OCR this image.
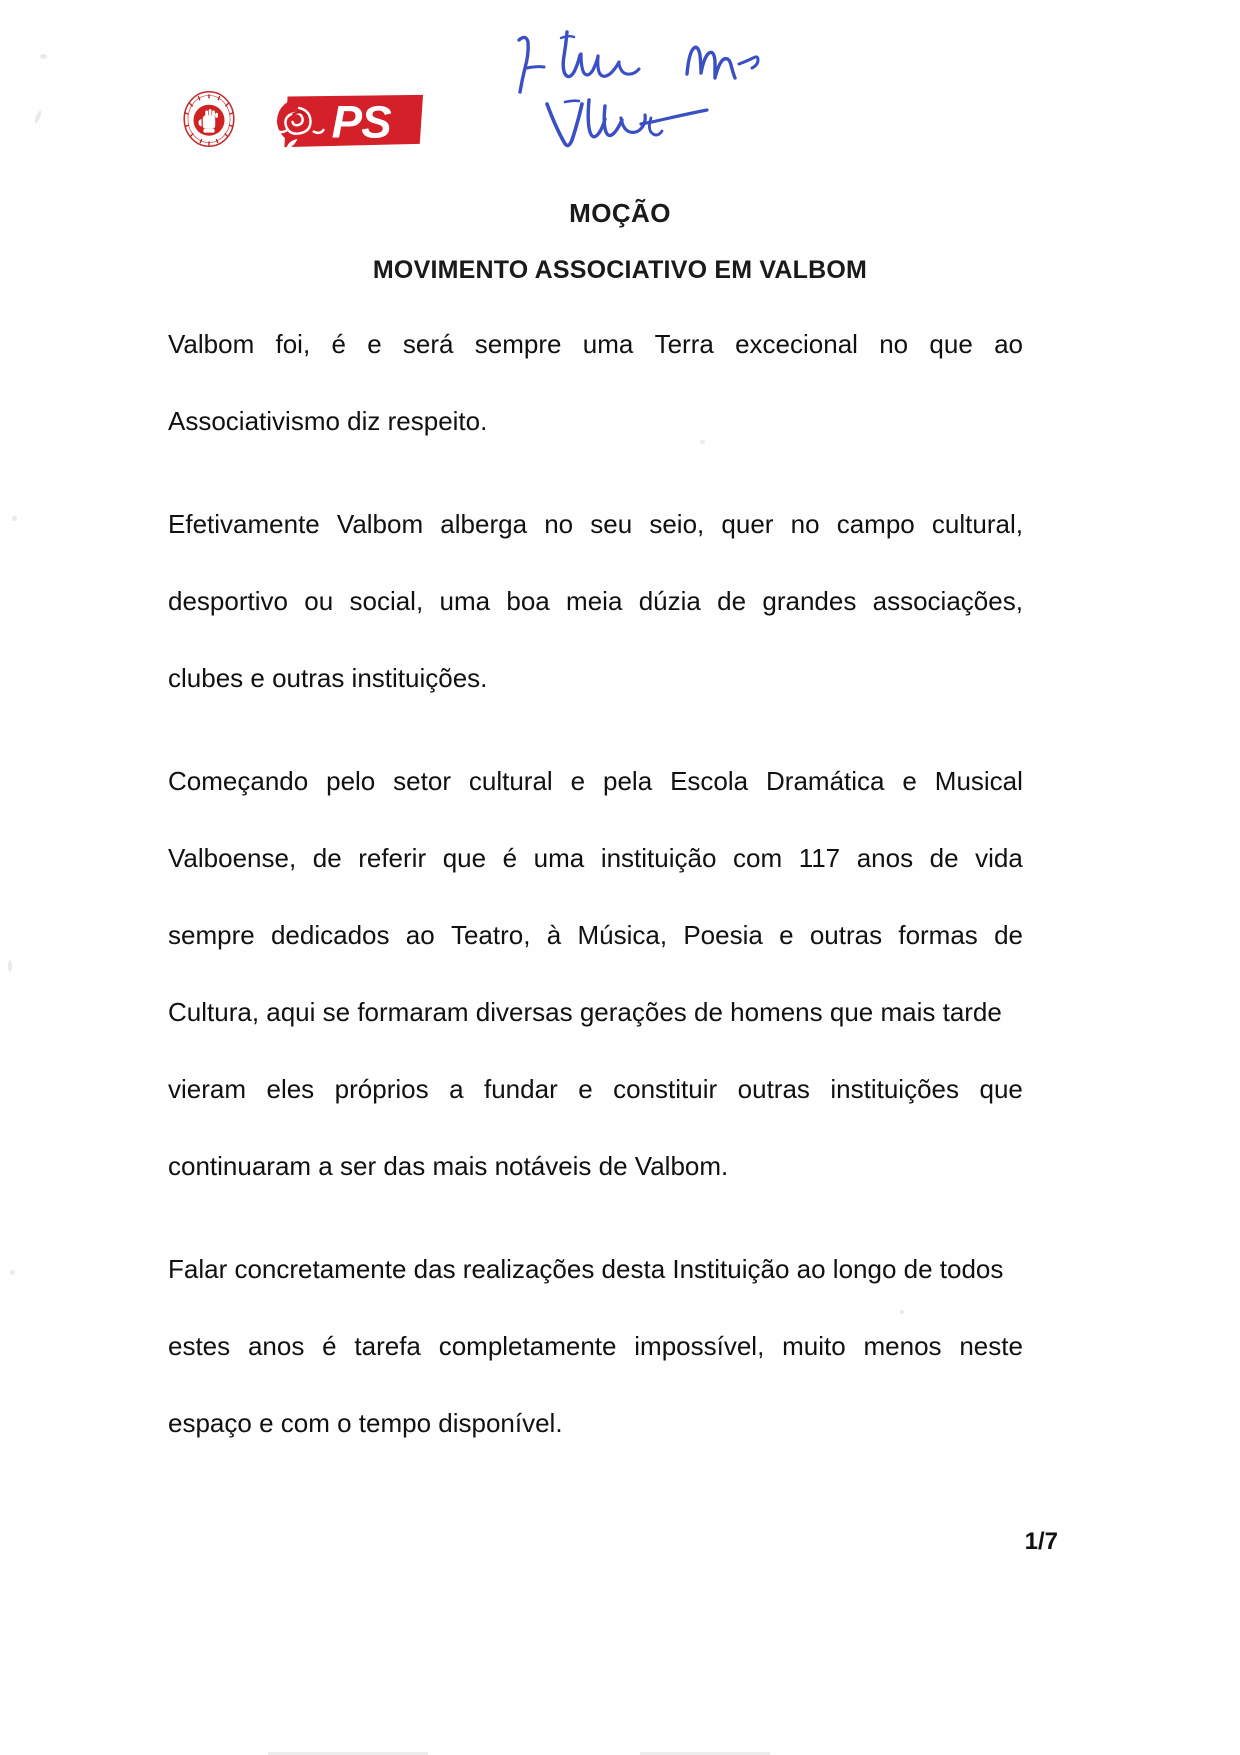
PS
MOÇÃO
MOVIMENTO ASSOCIATIVO EM VALBOM

Valbom foi, é e será sempre uma Terra excecional no que ao
Associativismo diz respeito.

Efetivamente Valbom alberga no seu seio, quer no campo cultural,
desportivo ou social, uma boa meia dúzia de grandes associações,
clubes e outras instituições.

Começando pelo setor cultural e pela Escola Dramática e Musical
Valboense, de referir que é uma instituição com 117 anos de vida
sempre dedicados ao Teatro, à Música, Poesia e outras formas de
Cultura, aqui se formaram diversas gerações de homens que mais tarde
vieram eles próprios a fundar e constituir outras instituições que
continuaram a ser das mais notáveis de Valbom.

Falar concretamente das realizações desta Instituição ao longo de todos
estes anos é tarefa completamente impossível, muito menos neste
espaço e com o tempo disponível.

1/7
